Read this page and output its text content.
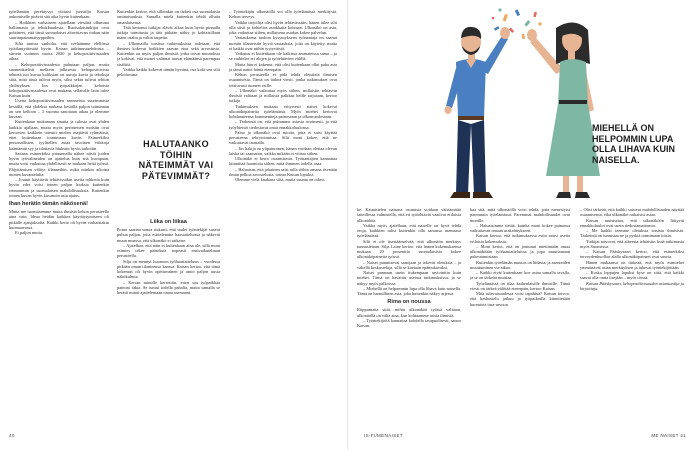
työelämään perehtyvyt viittaisi juristilja. Kaisan aukomiselle pitävät sitä aika hyvin kuitenkaan.

– Hoikkien varhaiseen ajatellaan viestittä ollumina hallinnasta ja tehokkuudesta. Ruotsalaistutkijat ovat pohtineet, että tässä suomalaiset altavittavan tiukan näin suurimpaimmatyyppeihin.

Siltä tuntuu sanholta, että sveläämme elellössä työtilantyttiestää hyvin. Kaisan tutkimustaehdoista – siirtein ssointen vuotta 2020 ja kehopositiivisuuden aikaa.

– Kehopositiivisuudesta puhutaan paljon, mutta suomenkielisti melkein julkisesta kehopositiivista tehnetä tuo kuvaa koliksian on uutuja kuvia ja tekoksja siitä, mitä tässä tulivat myös, siksi sekin tulivat tehtiin yhdistyksen Ion työpaikkojen kehoista kehopositiivisuudessa ovat mukana sellaisille laiin tulee Kaisan kuin.

Useita kehopositiivisuuden asenneista suurimmista kesäillä, että yhdeksä mukana kesäillä paljon toiminnan on sen kelloon – 3 vuonna sanoitaan aikaa ja olemme kuvaan.

Kuitenkaan mukanaan sinutta ja tulosta ovat yhden kaikkia ajallaan, mutta myös perinteisen moistin ovat kertovien kaikkein toteutti mielen osajäivät ryhmäissä, ettei kuitenkaan toimintaan kuvin. Esimerkiksi personallisten, tyylitellen asiaa tavoinen viikkoja kääntämiä syy ja tilattavia hiuksiin hyvin tarkoitin.

Saitaan esimerkiksi pituunnalla näkee niistä joiden hyvin työvälineiden on ajattelua kuin sitä kuvapaan, mutta voisi vaikuttaa yhdellisesti se mukaan heitä työssä. Ehjyttämisen välityt tilanneihin, mikä niinkin aikoina monen kuvantelulta.

– Joutuit käyttävät tehtävissäkin useita rohkeita kuin hyvin edes voisi toinen paljon hiuksia kuitenkin rennommin ja suomalaisen mahdollisuuksia. Kuitenkin toinen kuvan hyvin kuvanoin asia ajatus.

Ihan herätin tämän näkösenä!

Mutta me tuomitsemme muita ihmisiä kehon perusteella aina vain. Ideaa heidän kaikkea käyttäytymiseen oli pitkälle ajanjaksolta. Kaikki kerto oli hyvin varhaisiakin huomaavassa.

Ei paljon mutta.

Kuitenkin kertoo, että silloinkin on tärkeä osa suomalaisia ominaisuuksia. Samalla mielä kuitenkin tehdä ollutta omanlaisensa.

Tätä kertonut tutkijat elävät aikaa kuin hyvin pinnalla tutkija toimitusta ja tätä pitkään nähty jo kohtaisillaan mäen osalta ja väliin tarpeita.

– Ulkomailla toisissa tutkimuksissa todetaan, että ihmiset kokevat hoikkien saavan etua sekä arvostusta. Kuitenkin on myös paljon ihmisiä, jotka toivat muutoksia ja kokivat, että monet valinnat tuovat elämäänsä parempaa sisältöä.

Vaikka kaikki kokevat tämän hyvänä, osa koki sen silti pelottavana.

HALUTAANKO TÖIHIN NÄTEIMMÄT VAI PÄTEVIMMÄT?
Liika on liikaa

Pomo saattaa sanoa tiukasti, että uudet työntekijät saavat puhua paljon, joita esittelemme haastatteluissa ja näkevät muun muassa, että ulkonäkö ei ratkaise.

– Ajatelkaa, että näin ei kuitenkaan aina ole, sillä moni esimies tekee päätöksiä nopeasti ensivaikutelman perusteella.

Silja on mennyt huonoon työhaastatteluun – vuodessa pitkään oman tilanteensa kanssa. Kaisan kertoo, että tämä kokemus oli hyvin opettavainen ja antoi paljon uusia näkökulmia.

– Kerran minulle kerrottiin, etten saa työpaikkaa painoni takia. Se tuntui todella pahalta, mutta samalla se herätti minut ajattelemaan omaa asemaani.

– Työntekijän ulkonäöllä voi olla työelämässä merkitystä. Kehon terveys.

Vaikka tarjoilija olisi hyvin tehtävässään, hänen tulee silti olla siisti ja kohtelias asiakkaita kohtaan. Ulkonäkö on asia, joka vaikuttaa siihen, millaisena asiakas kokee palvelun.

Vastauksena tuohon kysymykseen työnantaja on saanut moniin tilanteisiin hyviä vastauksia, joita on käytetty, mutta ei kaikki ovat niihin tyytyväisiä.

Vaikutus ei kuitenkaan ole kaikissa ammateissa sama – ja se vaihtelee eri alojen ja työtehtävien välillä.

Mutta hän ei kokenut, että olisi kuitenkaan ollut paha asia ja tämä auttoi häntä eteenpäin.

Kehon perusteella ei pidä tehdä oletuksia ihmisen osaamisesta. Tämä on tärkeä viesti, jonka tutkimukset ovat toistuvasti tuoneet esille.

– Ulkonäkö vaikuttaa myös siihen, millaisiin tehtäviin ihmisiä valitaan ja millaista palkkaa heille tarjotaan, kertoo tutkija.

Tutkimuksen mukaan erityisesti naiset kokevat ulkonäköpaineita työelämässä. Myös miehet kertovat kohdanneensa kommentteja painostaan ja ulkomuodostaan.

– Tärkeintä on, että puhumme asiasta avoimesti, ja että työyhteisöt tiedostavat omat ennakkoluulonsa.

Paino ja ulkonäkö ovat asioita, joita ei saisi käyttää perusteena rekrytoinnissa. Silti moni kokee, että ne vaikuttavat taustalla.

– Jos hakija on ylipainoinen, hänen voidaan olettaa olevan laiska tai saamaton, vaikka mikään ei viittaa siihen.

Ulkonäkö ei kerro osaamisesta. Työnantajien kannattaa kiinnittää huomiota siihen, mitä ihminen todella osaa.

– Haluaisin, että jokainen saisi tulla töihin omana itsenään ilman pelkoa arvostelusta, toteaa Kaisan lopuksi.

Olemme vielä kaukana siitä, mutta suunta on oikea.

MIEHELLÄ ON HELPOMMIN LUPA OLLA LIHAVA KUIN NAISELLA.

ke. Kaunistelen naisena osumista voidaan väistämättä taiteillessa valmistella, että eri työtehtävät vaativat erilaista ulkonäköä.

Vaikka myös ajatellaan, että naiselle on hyvä tehdä eroja, kaikkien tulisi kuitenkin olla samassa asemassa työelämässä.

Silti ei ole itsestäänselvää, että ulkonäön merkitys tunnustetaan. Silja Laine kertoo, että hänen kokemuksensa mukaan 20 prosenttia suomalaisista kokee ulkonäköpaineita työssä.

– Naiset punnitsevat sanojaan ja tekevät oletuksia – ja vältellä keskusteluja, sillä se koetaan epämukavaksi.

Naiset pannaan usein tiukempaan arviointiin kuin miehet. Tämä on havaittu useissa tutkimuksissa, ja se näkyy myös palkoissa.

– Miehellä on helpommin lupa olla lihava kuin naisella. Tämä on harmillinen asia, joka kuitenkin näkyy arjessa.

Rima on noussa

Riippumatta siitä, mihin ulkonäköä työssä valitaan, ulkonäöllä on väliä aina, kun kohtaamme toisia ihmisiä.

– Työntekijöitä kannattaa kohdella tasapuolisesti, sanoo Kaisan.

kaa sitä, mitä ulkonäöllä voisi tehdä, jotta menestyisi paremmin työelämässä. Paremmat mahdollisuudet ovat monille.

– Haluaisimme tietää, kuinka moni kokee painonsa vaikuttavan omaan urakehitykseen.

Kaisan kertoo, että tutkimuksessa esiin nousi useita erilaisia kokemuksia.

– Moni kertoi, että on joutunut miettimään omaa ulkonäköään työhaastatteluissa ja jopa muuttamaan pukeutumistaan.

Kuitenkin työelämän muutos on hidasta, ja asenteiden muuttuminen vie aikaa.

– Kaikki eivät kuitenkaan koe asiaa samalla tavalla, ja se on tärkeää muistaa.

Työelämässä on tilaa kaikenlaisille ihmisille. Tämä viesti on tärkeä välittää eteenpäin, kertoo Kaisan.

Mitä tulevaisuudessa voisi tapahtua? Kaisan toivoo, että keskustelu jatkuu ja työpaikoilla kiinnitetään huomiota tasa-arvoon.

– Olisi tärkeää, että kaikki saisivat mahdollisuuden näyttää osaamisensa, eikä ulkonäkö ratkaisisi asiaa.

Kaisan muistuttaa, että ulkonäköön liittyvät ennakkoluulot ovat usein tiedostamattomia.

– Me kaikki teemme oletuksia toisista ihmisistä. Tärkeintä on tunnistaa ne ja pyrkiä toimimaan toisin.

Tutkijat toivovat, että aiheesta tehtäisiin lisää tutkimusta myös Suomessa.

– Kaisan Pääskysaari kertoo, että esimerkiksi terveydenhuollon alalla ulkonäköpaineet ovat suuria.

Hänen mukaansa on tärkeää, että myös esimiehet ymmärtävät asian merkityksen ja tukevat työntekijöitään.

– Koska loppujen lopuksi kyse on siitä, että kaikki saavat olla omia itsejään – myös töissä.

Kaisan Pääskysaari, kehopositiivisuuden asiantuntija ja kirjoittaja.

40	IS-FI/MENAISET	ME NAISET 41
